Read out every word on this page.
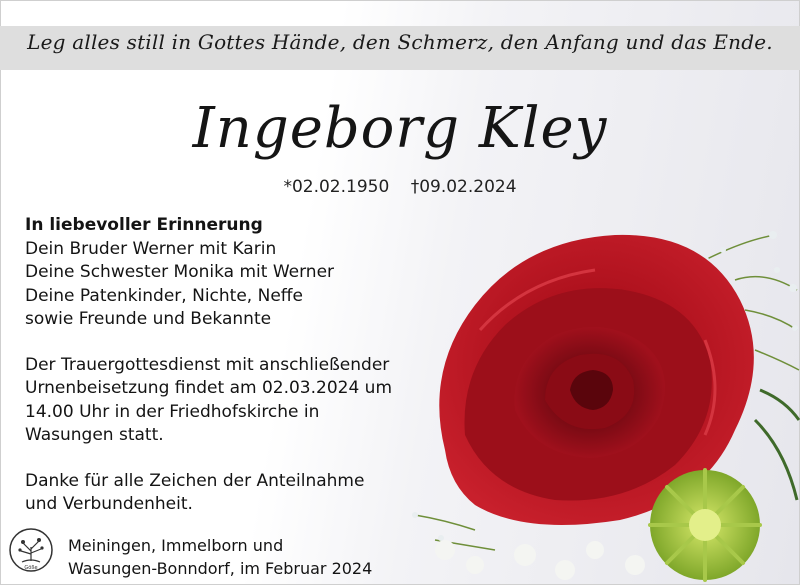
Leg alles still in Gottes Hände, den Schmerz, den Anfang und das Ende.
Ingeborg Kley
*02.02.1950 †09.02.2024
In liebevoller Erinnerung
Dein Bruder Werner mit Karin
Deine Schwester Monika mit Werner
Deine Patenkinder, Nichte, Neffe
sowie Freunde und Bekannte
Der Trauergottesdienst mit anschließender
Urnenbeisetzung findet am 02.03.2024 um
14.00 Uhr in der Friedhofskirche in
Wasungen statt.
Danke für alle Zeichen der Anteilnahme
und Verbundenheit.
Göße
Meiningen, Immelborn und
Wasungen-Bonndorf, im Februar 2024
